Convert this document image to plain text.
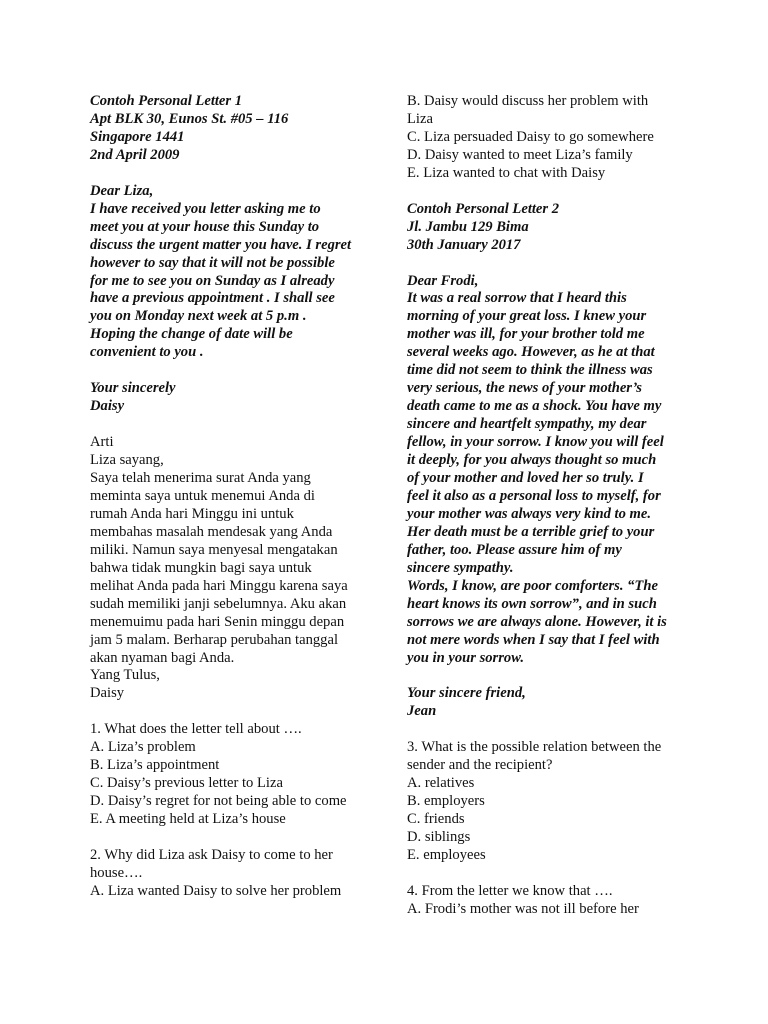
Contoh Personal Letter 1
Apt BLK 30, Eunos St. #05 – 116
Singapore 1441
2nd April 2009
Dear Liza,
I have received you letter asking me to
meet you at your house this Sunday to
discuss the urgent matter you have. I regret
however to say that it will not be possible
for me to see you on Sunday as I already
have a previous appointment . I shall see
you on Monday next week at 5 p.m .
Hoping the change of date will be
convenient to you .
Your sincerely
Daisy
Arti
Liza sayang,
Saya telah menerima surat Anda yang
meminta saya untuk menemui Anda di
rumah Anda hari Minggu ini untuk
membahas masalah mendesak yang Anda
miliki. Namun saya menyesal mengatakan
bahwa tidak mungkin bagi saya untuk
melihat Anda pada hari Minggu karena saya
sudah memiliki janji sebelumnya. Aku akan
menemuimu pada hari Senin minggu depan
jam 5 malam. Berharap perubahan tanggal
akan nyaman bagi Anda.
Yang Tulus,
Daisy
1. What does the letter tell about ….
A. Liza’s problem
B. Liza’s appointment
C. Daisy’s previous letter to Liza
D. Daisy’s regret for not being able to come
E. A meeting held at Liza’s house
2. Why did Liza ask Daisy to come to her
house….
A. Liza wanted Daisy to solve her problem
B. Daisy would discuss her problem with
Liza
C. Liza persuaded Daisy to go somewhere
D. Daisy wanted to meet Liza’s family
E. Liza wanted to chat with Daisy
Contoh Personal Letter 2
Jl. Jambu 129 Bima
30th January 2017
Dear Frodi,
It was a real sorrow that I heard this
morning of your great loss. I knew your
mother was ill, for your brother told me
several weeks ago. However, as he at that
time did not seem to think the illness was
very serious, the news of your mother’s
death came to me as a shock. You have my
sincere and heartfelt sympathy, my dear
fellow, in your sorrow. I know you will feel
it deeply, for you always thought so much
of your mother and loved her so truly. I
feel it also as a personal loss to myself, for
your mother was always very kind to me.
Her death must be a terrible grief to your
father, too. Please assure him of my
sincere sympathy.
Words, I know, are poor comforters. “The
heart knows its own sorrow”, and in such
sorrows we are always alone. However, it is
not mere words when I say that I feel with
you in your sorrow.
Your sincere friend,
Jean
3. What is the possible relation between the
sender and the recipient?
A. relatives
B. employers
C. friends
D. siblings
E. employees
4. From the letter we know that ….
A. Frodi’s mother was not ill before her
